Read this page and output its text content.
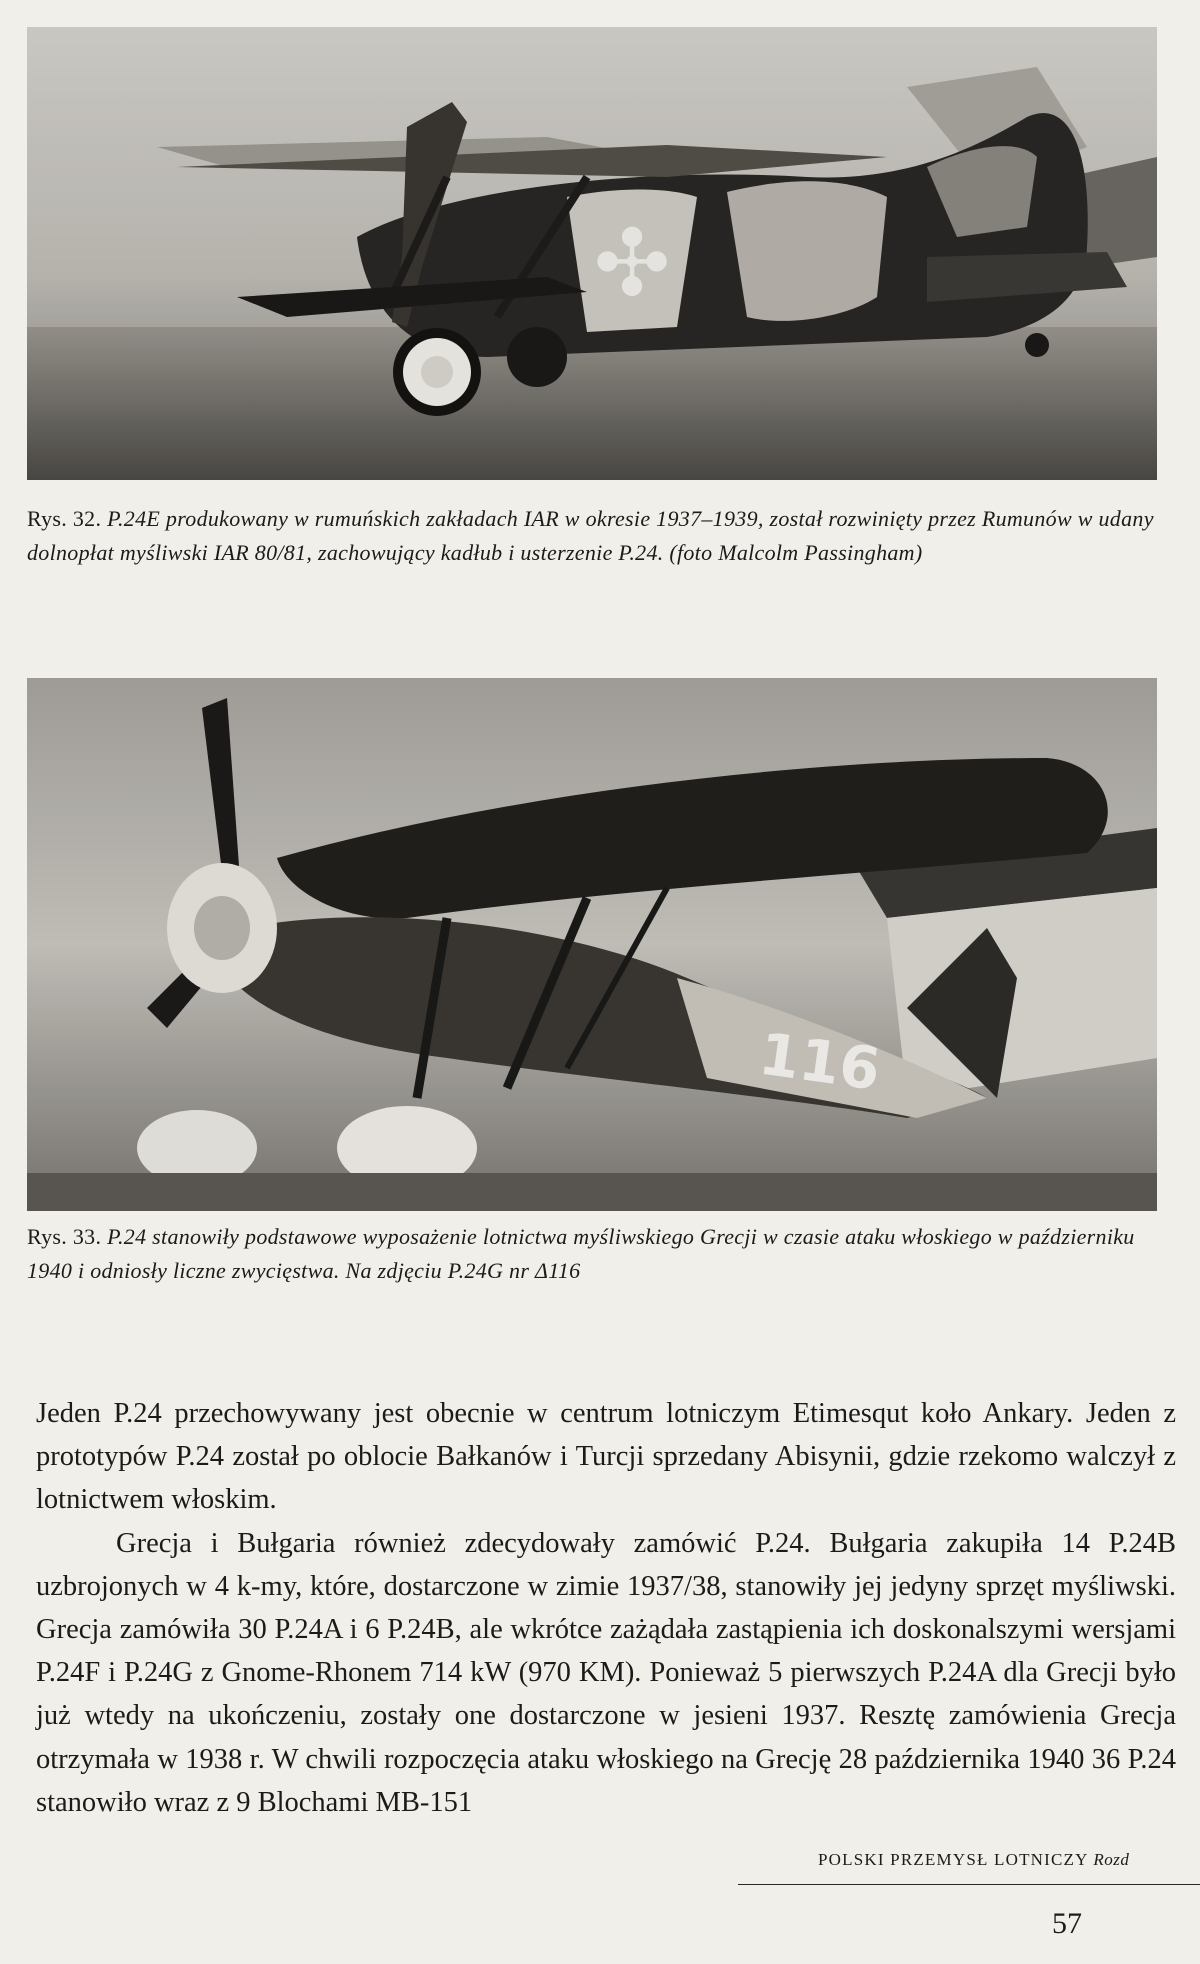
✣
Rys. 32. P.24E produkowany w rumuńskich zakładach IAR w okresie 1937–1939, został rozwinięty przez Rumunów w udany dolnopłat myśliwski IAR 80/81, zachowujący kadłub i usterzenie P.24. (foto Malcolm Passingham)
116
Rys. 33. P.24 stanowiły podstawowe wyposażenie lotnictwa myśliwskiego Grecji w czasie ataku włoskiego w październiku 1940 i odniosły liczne zwycięstwa. Na zdjęciu P.24G nr Δ116

Jeden P.24 przechowywany jest obecnie w centrum lotniczym Etimesqut koło Ankary. Jeden z prototypów P.24 został po oblocie Bałkanów i Turcji sprzedany Abisynii, gdzie rzekomo walczył z lotnictwem włoskim.

Grecja i Bułgaria również zdecydowały zamówić P.24. Bułgaria zakupiła 14 P.24B uzbrojonych w 4 k-my, które, dostarczone w zimie 1937/38, stanowiły jej jedyny sprzęt myśliwski. Grecja zamówiła 30 P.24A i 6 P.24B, ale wkrótce zażądała zastąpienia ich doskonalszymi wersjami P.24F i P.24G z Gnome-Rhonem 714 kW (970 KM). Ponieważ 5 pierwszych P.24A dla Grecji było już wtedy na ukończeniu, zostały one dostarczone w jesieni 1937. Resztę zamówienia Grecja otrzymała w 1938 r. W chwili rozpoczęcia ataku włoskiego na Grecję 28 października 1940 36 P.24 stanowiło wraz z 9 Blochami MB-151

POLSKI PRZEMYSŁ LOTNICZY Rozd
57
